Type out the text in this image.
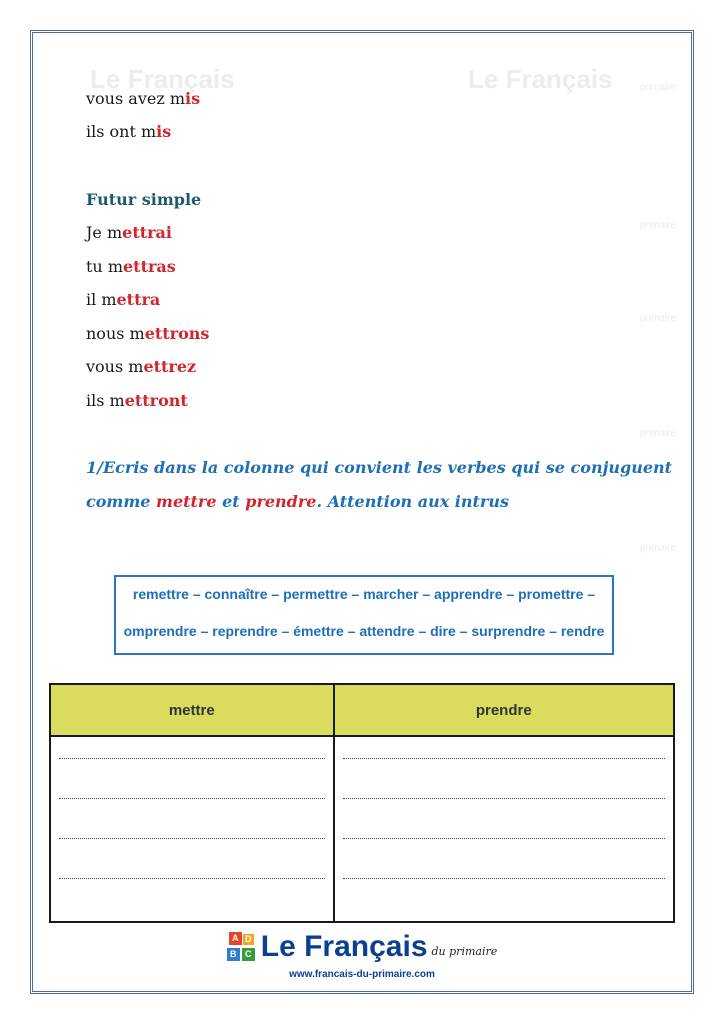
Le Français	Le Français	primaire
primaire
primaire
primaire
primaire
vous avez mis
ils ont mis
Futur simple
Je mettrai
tu mettras
il mettra
nous mettrons
vous mettrez
ils mettront
1/Ecris dans la colonne qui convient les verbes qui se conjuguent
comme mettre et prendre. Attention aux intrus
remettre – connaître – permettre – marcher – apprendre – promettre –
omprendre – reprendre – émettre – attendre – dire – surprendre – rendre
mettre	prendre

A
B C
D Le Français du primaire
www.francais-du-primaire.com
